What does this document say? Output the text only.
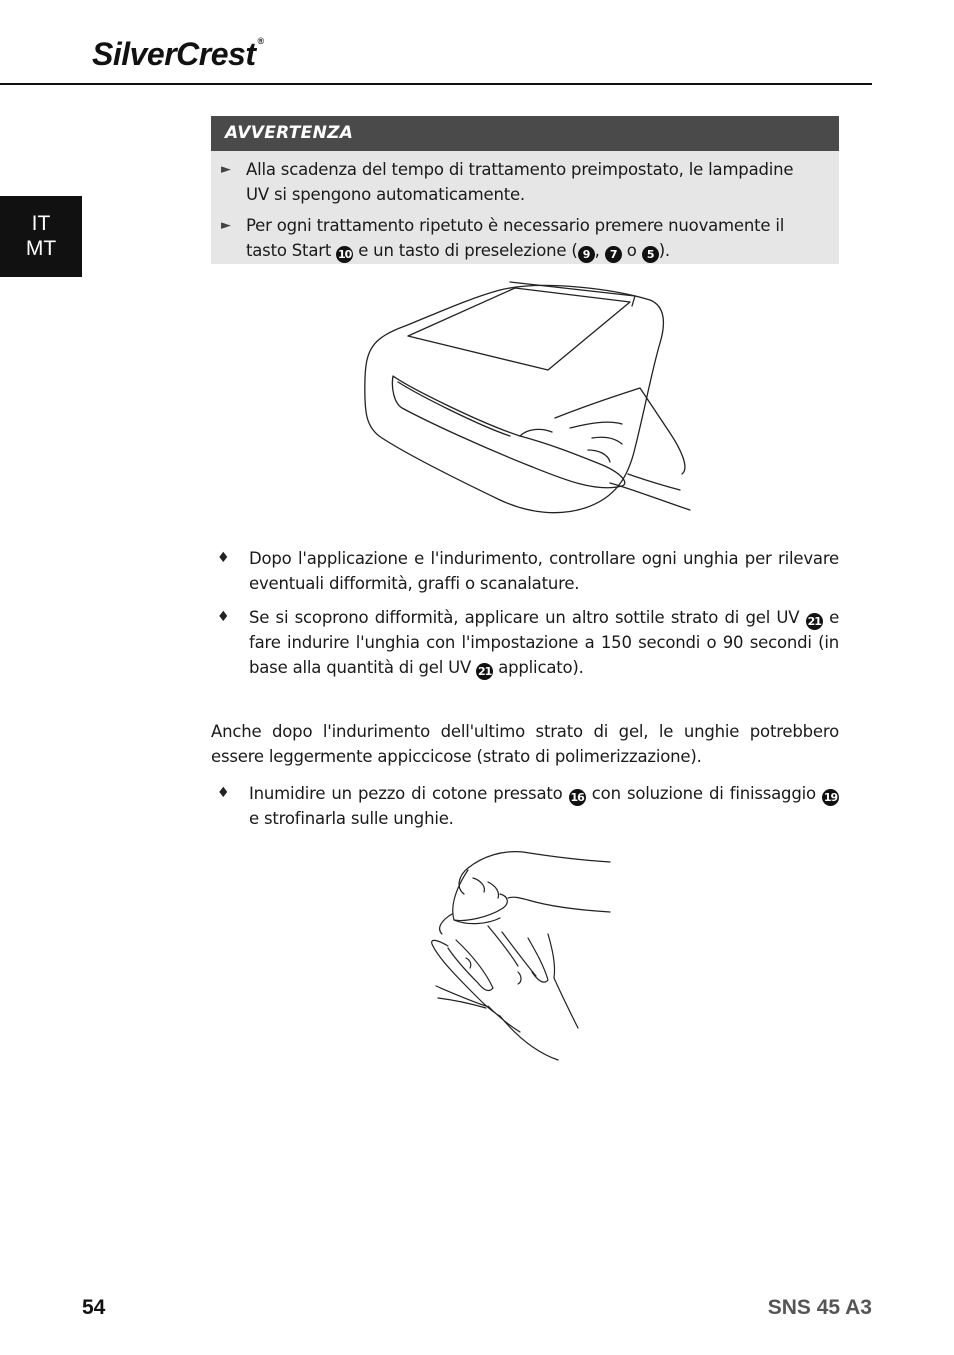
SilverCrest ®
IT
MT
AVVERTENZA
► Alla scadenza del tempo di trattamento preimpostato, le lampadine UV si spengono automaticamente.
► Per ogni trattamento ripetuto è necessario premere nuovamente il tasto Start 10 e un tasto di preselezione ( 9 , 7 o 5 ).
♦ Dopo l'applicazione e l'indurimento, controllare ogni unghia per rilevare eventuali difformità, graffi o scanalature.
♦ Se si scoprono difformità, applicare un altro sottile strato di gel UV 21 e fare indurire l'unghia con l'impostazione a 150 secondi o 90 secondi (in base alla quantità di gel UV 21 applicato).

Anche dopo l'indurimento dell'ultimo strato di gel, le unghie potrebbero essere leggermente appiccicose (strato di polimerizzazione).

♦ Inumidire un pezzo di cotone pressato 16 con soluzione di finissaggio 19 e strofinarla sulle unghie.
54	SNS 45 A3
